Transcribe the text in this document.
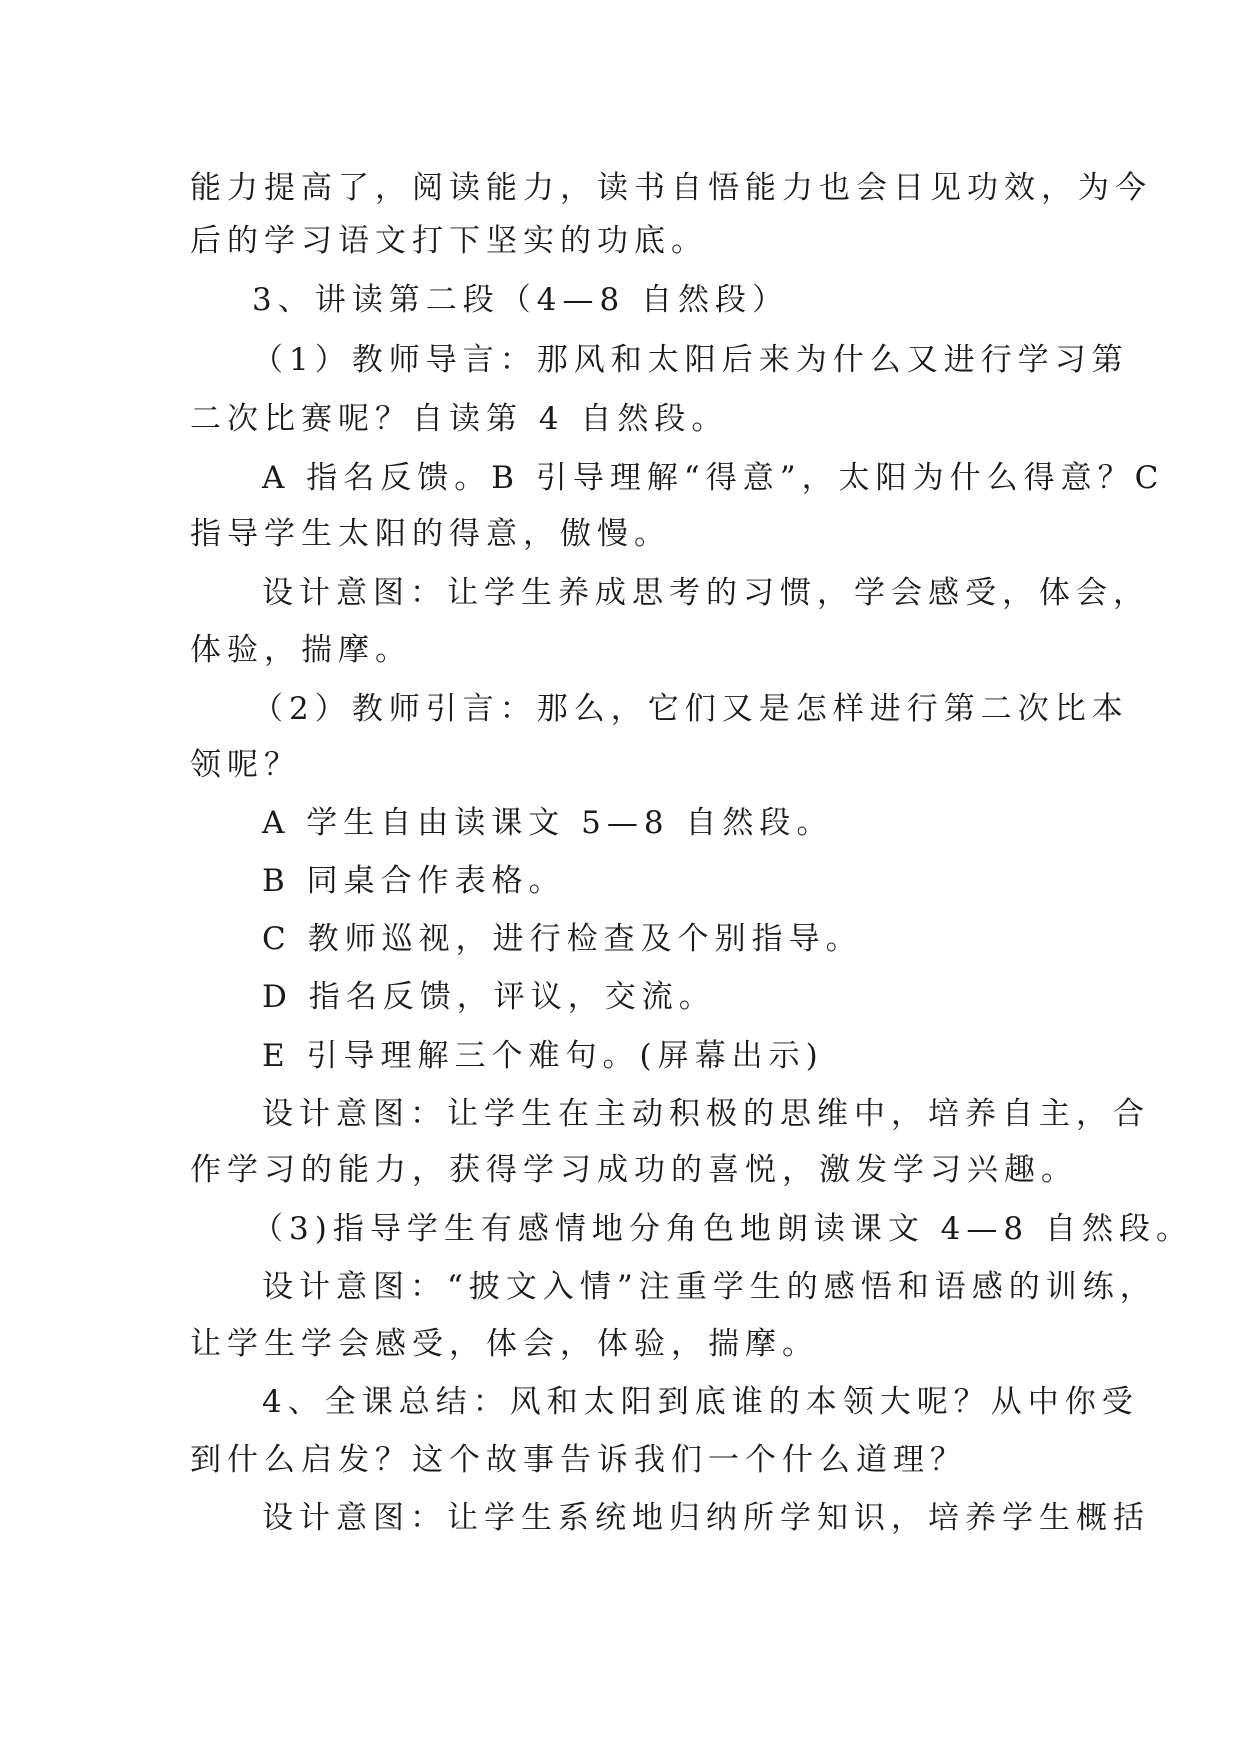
能力提高了，阅读能力，读书自悟能力也会日见功效，为今
后的学习语文打下坚实的功底。
3、讲读第二段（4—8 自然段）
（1）教师导言：那风和太阳后来为什么又进行学习第
二次比赛呢？自读第 4 自然段。
A 指名反馈。B 引导理解“得意”，太阳为什么得意？C
指导学生太阳的得意，傲慢。
设计意图：让学生养成思考的习惯，学会感受，体会，
体验，揣摩。
（2）教师引言：那么，它们又是怎样进行第二次比本
领呢？
A 学生自由读课文 5—8 自然段。
B 同桌合作表格。
C 教师巡视，进行检查及个别指导。
D 指名反馈，评议，交流。
E 引导理解三个难句。(屏幕出示)
设计意图：让学生在主动积极的思维中，培养自主，合
作学习的能力，获得学习成功的喜悦，激发学习兴趣。
（3)指导学生有感情地分角色地朗读课文 4—8 自然段。
设计意图：“披文入情”注重学生的感悟和语感的训练，
让学生学会感受，体会，体验，揣摩。
4、全课总结：风和太阳到底谁的本领大呢？从中你受
到什么启发？这个故事告诉我们一个什么道理？
设计意图：让学生系统地归纳所学知识，培养学生概括
